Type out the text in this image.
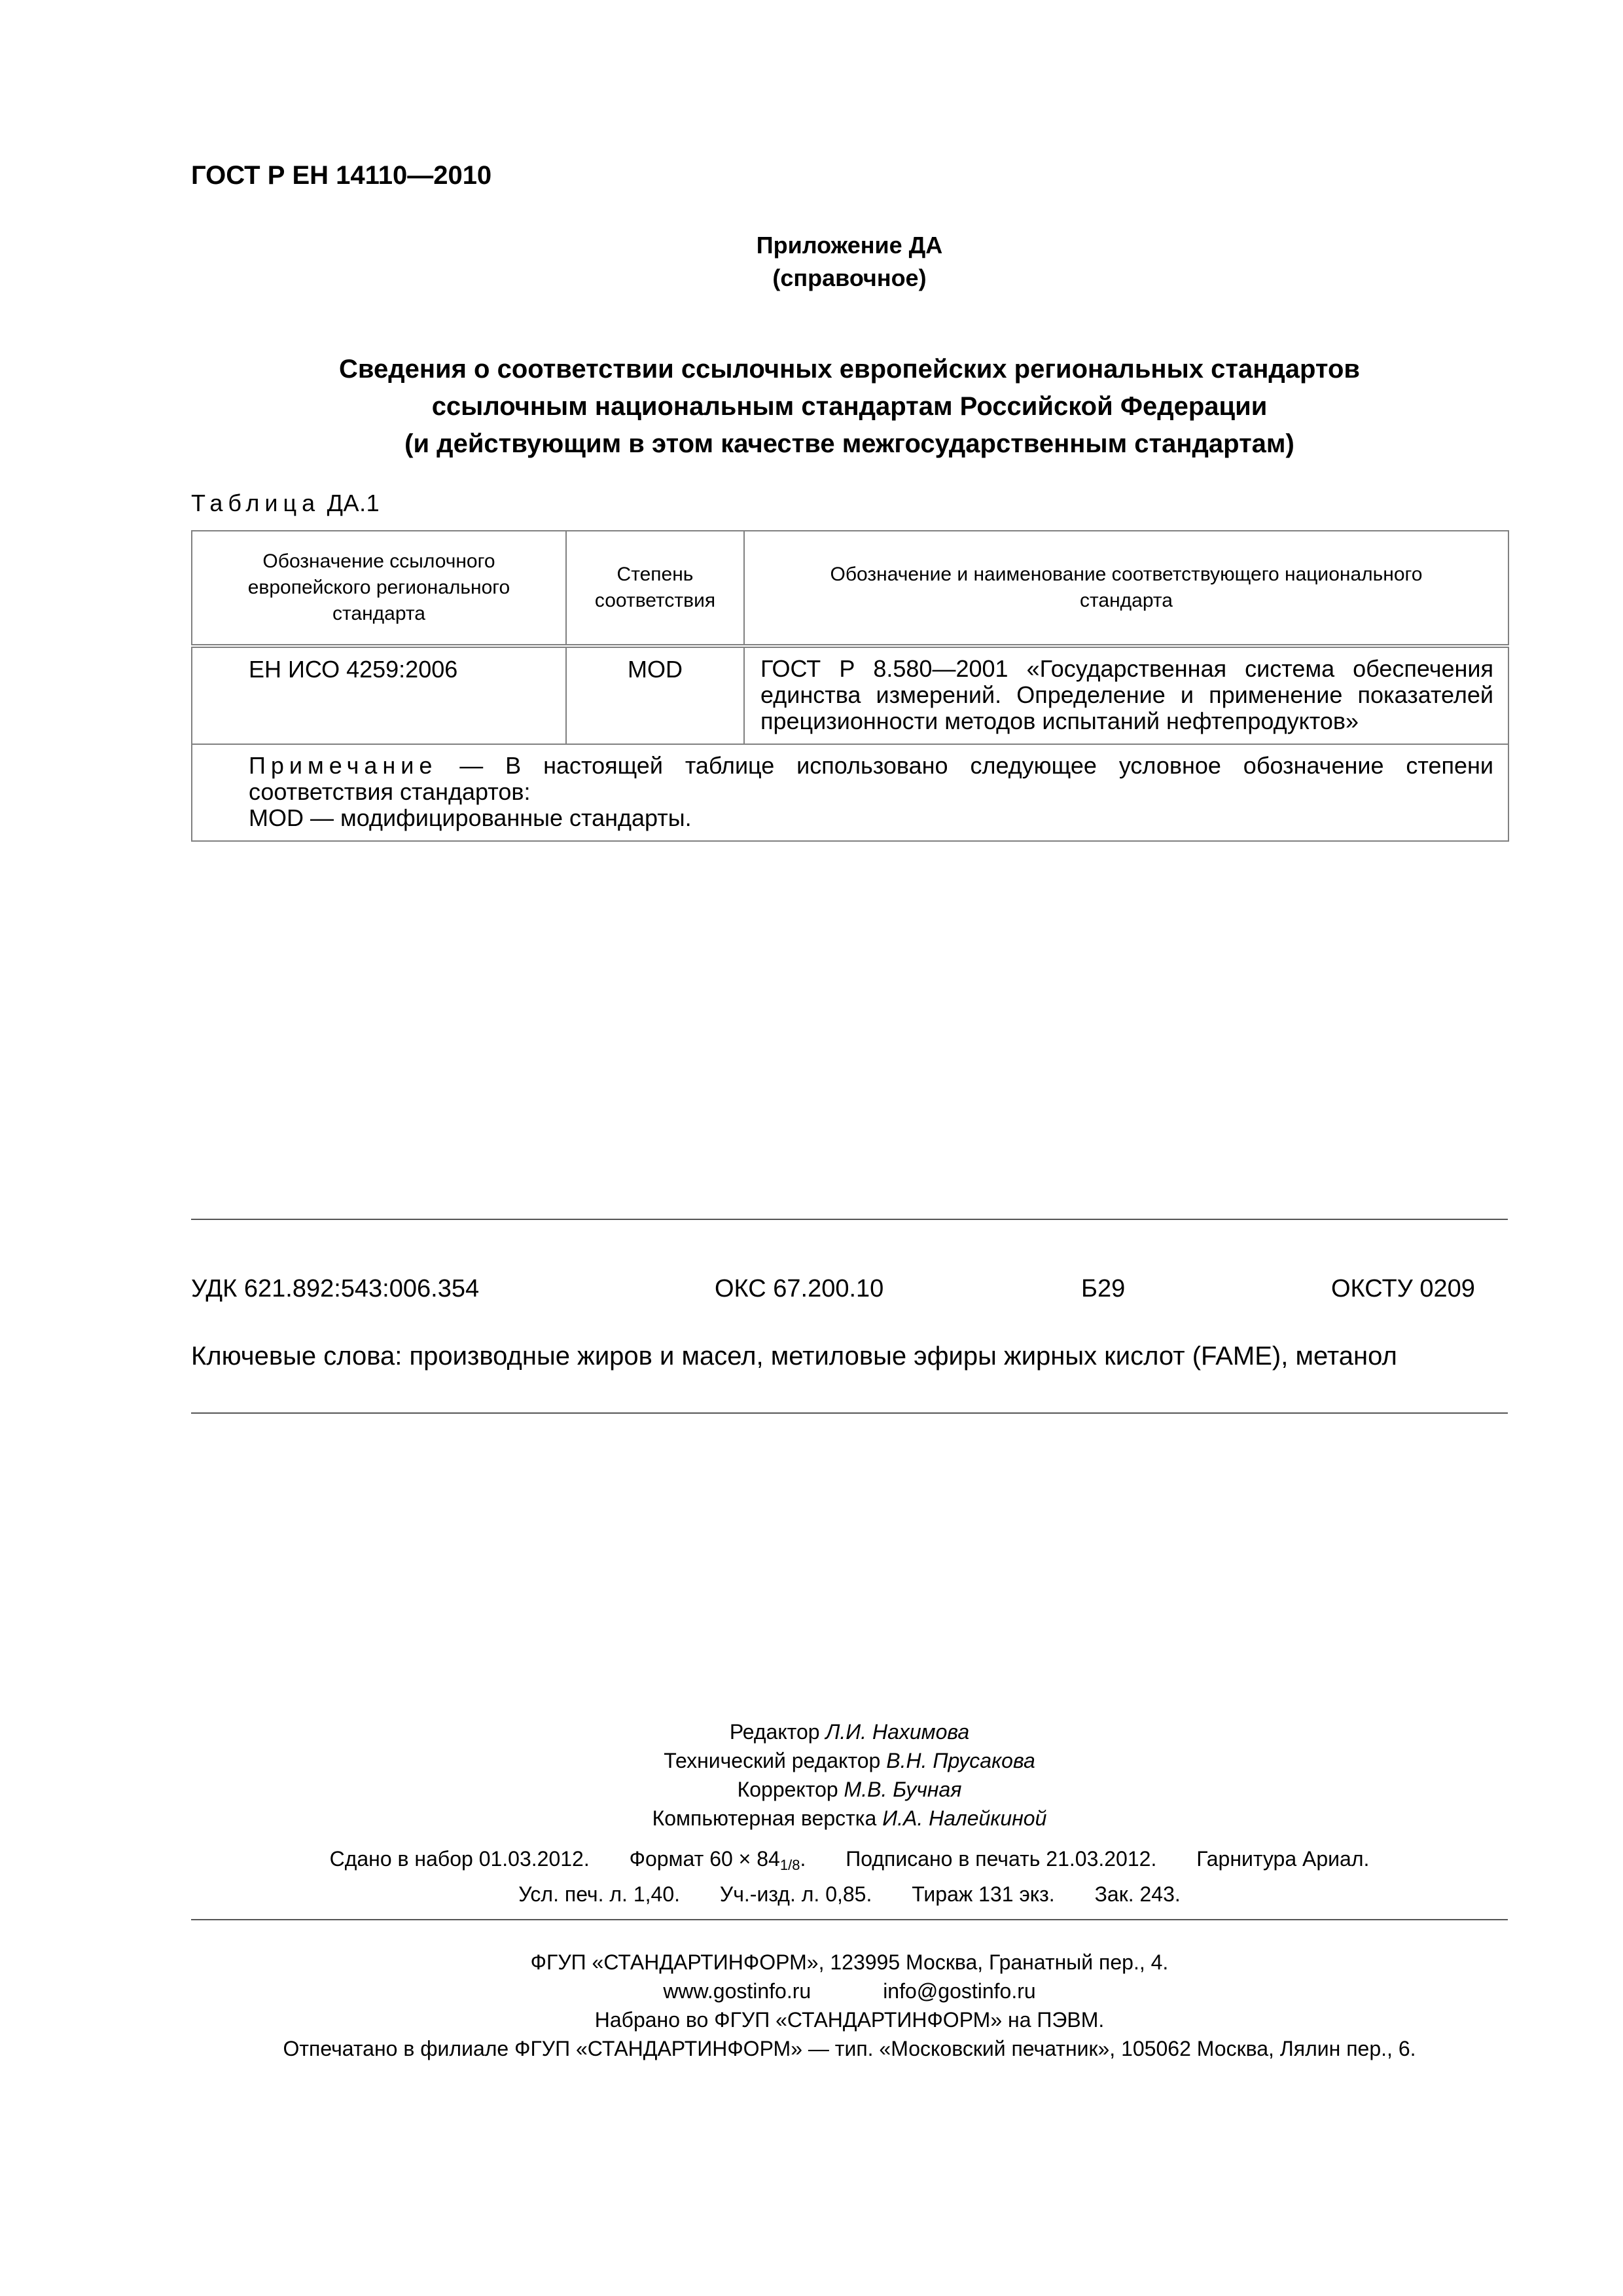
ГОСТ Р ЕН 14110—2010
Приложение ДА
(справочное)
Сведения о соответствии ссылочных европейских региональных стандартов
ссылочным национальным стандартам Российской Федерации
(и действующим в этом качестве межгосударственным стандартам)
Таблица ДА.1
Обозначение ссылочного европейского регионального стандарта	Степень соответствия	Обозначение и наименование соответствующего национального стандарта
ЕН ИСО 4259:2006	MOD	ГОСТ Р 8.580—2001 «Государственная система обеспечения единства измерений. Определение и применение показателей прецизионности методов испытаний нефтепродуктов»

Примечание — В настоящей таблице использовано следующее условное обозначение степени соответствия стандартов:
MOD — модифицированные стандарты.		
УДК 621.892:543:006.354	ОКС 67.200.10	Б29	ОКСТУ 0209
Ключевые слова: производные жиров и масел, метиловые эфиры жирных кислот (FAME), метанол
Редактор Л.И. Нахимова
Технический редактор В.Н. Прусакова
Корректор М.В. Бучная
Компьютерная верстка И.А. Налейкиной
Сдано в набор 01.03.2012. Формат 60 × 841/8. Подписано в печать 21.03.2012. Гарнитура Ариал.
Усл. печ. л. 1,40. Уч.-изд. л. 0,85. Тираж 131 экз. Зак. 243.
ФГУП «СТАНДАРТИНФОРМ», 123995 Москва, Гранатный пер., 4.
www.gostinfo.ru	info@gostinfo.ru
Набрано во ФГУП «СТАНДАРТИНФОРМ» на ПЭВМ.
Отпечатано в филиале ФГУП «СТАНДАРТИНФОРМ» — тип. «Московский печатник», 105062 Москва, Лялин пер., 6.
